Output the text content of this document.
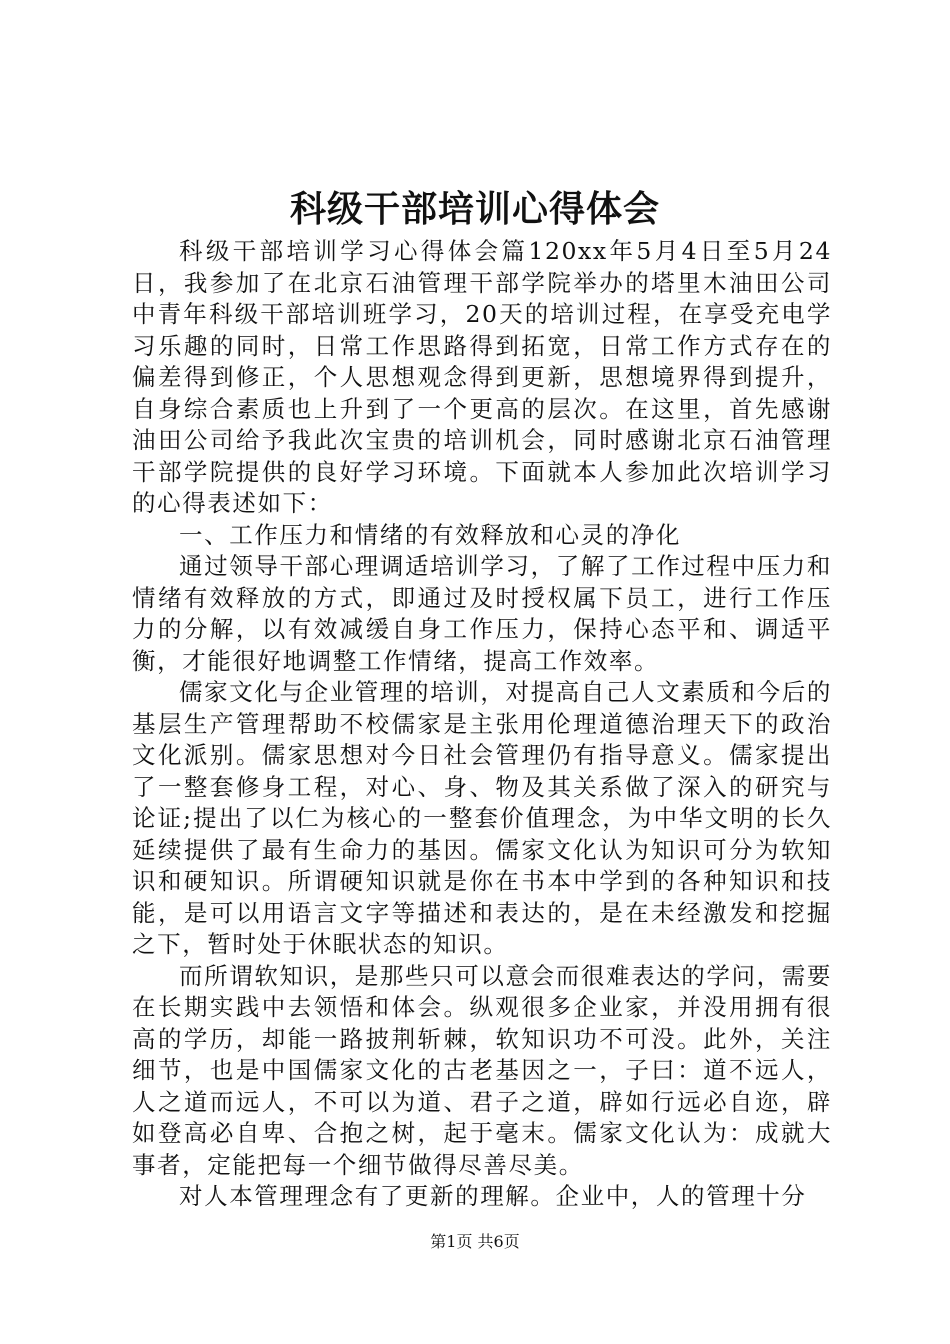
科级干部培训心得体会

科级干部培训学习心得体会篇120xx年5月4日至5月24日，我参加了在北京石油管理干部学院举办的塔里木油田公司中青年科级干部培训班学习，20天的培训过程，在享受充电学习乐趣的同时，日常工作思路得到拓宽，日常工作方式存在的偏差得到修正，个人思想观念得到更新，思想境界得到提升，自身综合素质也上升到了一个更高的层次。在这里，首先感谢油田公司给予我此次宝贵的培训机会，同时感谢北京石油管理干部学院提供的良好学习环境。下面就本人参加此次培训学习的心得表述如下：

一、工作压力和情绪的有效释放和心灵的净化

通过领导干部心理调适培训学习，了解了工作过程中压力和情绪有效释放的方式，即通过及时授权属下员工，进行工作压力的分解，以有效减缓自身工作压力，保持心态平和、调适平衡，才能很好地调整工作情绪，提高工作效率。

儒家文化与企业管理的培训，对提高自己人文素质和今后的基层生产管理帮助不校儒家是主张用伦理道德治理天下的政治文化派别。儒家思想对今日社会管理仍有指导意义。儒家提出了一整套修身工程，对心、身、物及其关系做了深入的研究与论证;提出了以仁为核心的一整套价值理念，为中华文明的长久延续提供了最有生命力的基因。儒家文化认为知识可分为软知识和硬知识。所谓硬知识就是你在书本中学到的各种知识和技能，是可以用语言文字等描述和表达的，是在未经激发和挖掘之下，暂时处于休眠状态的知识。

而所谓软知识，是那些只可以意会而很难表达的学问，需要在长期实践中去领悟和体会。纵观很多企业家，并没用拥有很高的学历，却能一路披荆斩棘，软知识功不可没。此外，关注细节，也是中国儒家文化的古老基因之一，子曰：道不远人，人之道而远人，不可以为道、君子之道，辟如行远必自迩，辟如登高必自卑、合抱之树，起于毫末。儒家文化认为：成就大事者，定能把每一个细节做得尽善尽美。

对人本管理理念有了更新的理解。企业中，人的管理十分

第1页 共6页
